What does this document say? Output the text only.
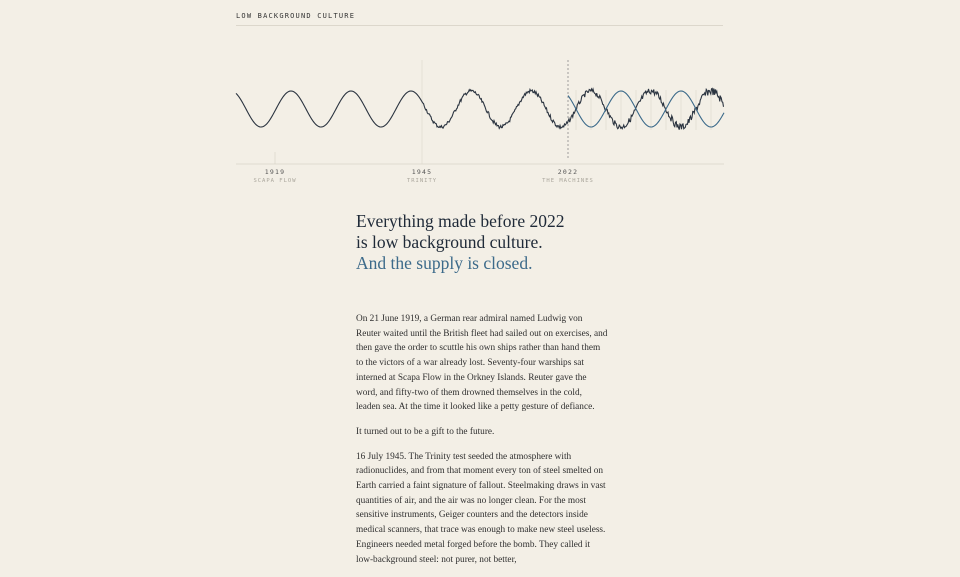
LOW BACKGROUND CULTURE
1919
SCAPA FLOW
1945
TRINITY
2022
THE MACHINES
Everything made before 2022
is low background culture.
And the supply is closed.

On 21 June 1919, a German rear admiral named Ludwig von Reuter waited until the British fleet had sailed out on exercises, and then gave the order to scuttle his own ships rather than hand them to the victors of a war already lost. Seventy-four warships sat interned at Scapa Flow in the Orkney Islands. Reuter gave the word, and fifty-two of them drowned themselves in the cold, leaden sea. At the time it looked like a petty gesture of defiance.

It turned out to be a gift to the future.

16 July 1945. The Trinity test seeded the atmosphere with radionuclides, and from that moment every ton of steel smelted on Earth carried a faint signature of fallout. Steelmaking draws in vast quantities of air, and the air was no longer clean. For the most sensitive instruments, Geiger counters and the detectors inside medical scanners, that trace was enough to make new steel useless. Engineers needed metal forged before the bomb. They called it low-background steel: not purer, not better,
